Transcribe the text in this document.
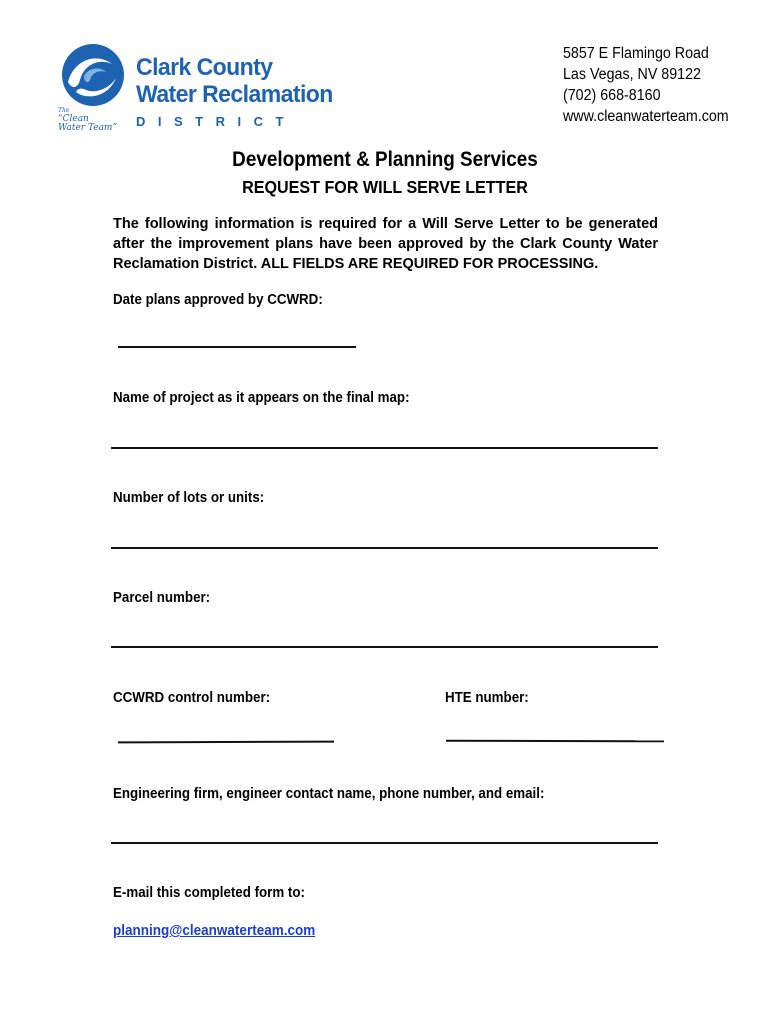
Clark County
Water Reclamation
The
“Clean
Water Team” DISTRICT
5857 E Flamingo Road
Las Vegas, NV 89122
(702) 668-8160
www.cleanwaterteam.com
Development & Planning Services
REQUEST FOR WILL SERVE LETTER
The following information is required for a Will Serve Letter to be generated after the improvement plans have been approved by the Clark County Water Reclamation District. ALL FIELDS ARE REQUIRED FOR PROCESSING.
Date plans approved by CCWRD:
Name of project as it appears on the final map:
Number of lots or units:
Parcel number:
CCWRD control number:	HTE number:
Engineering firm, engineer contact name, phone number, and email:
E-mail this completed form to:
planning@cleanwaterteam.com
